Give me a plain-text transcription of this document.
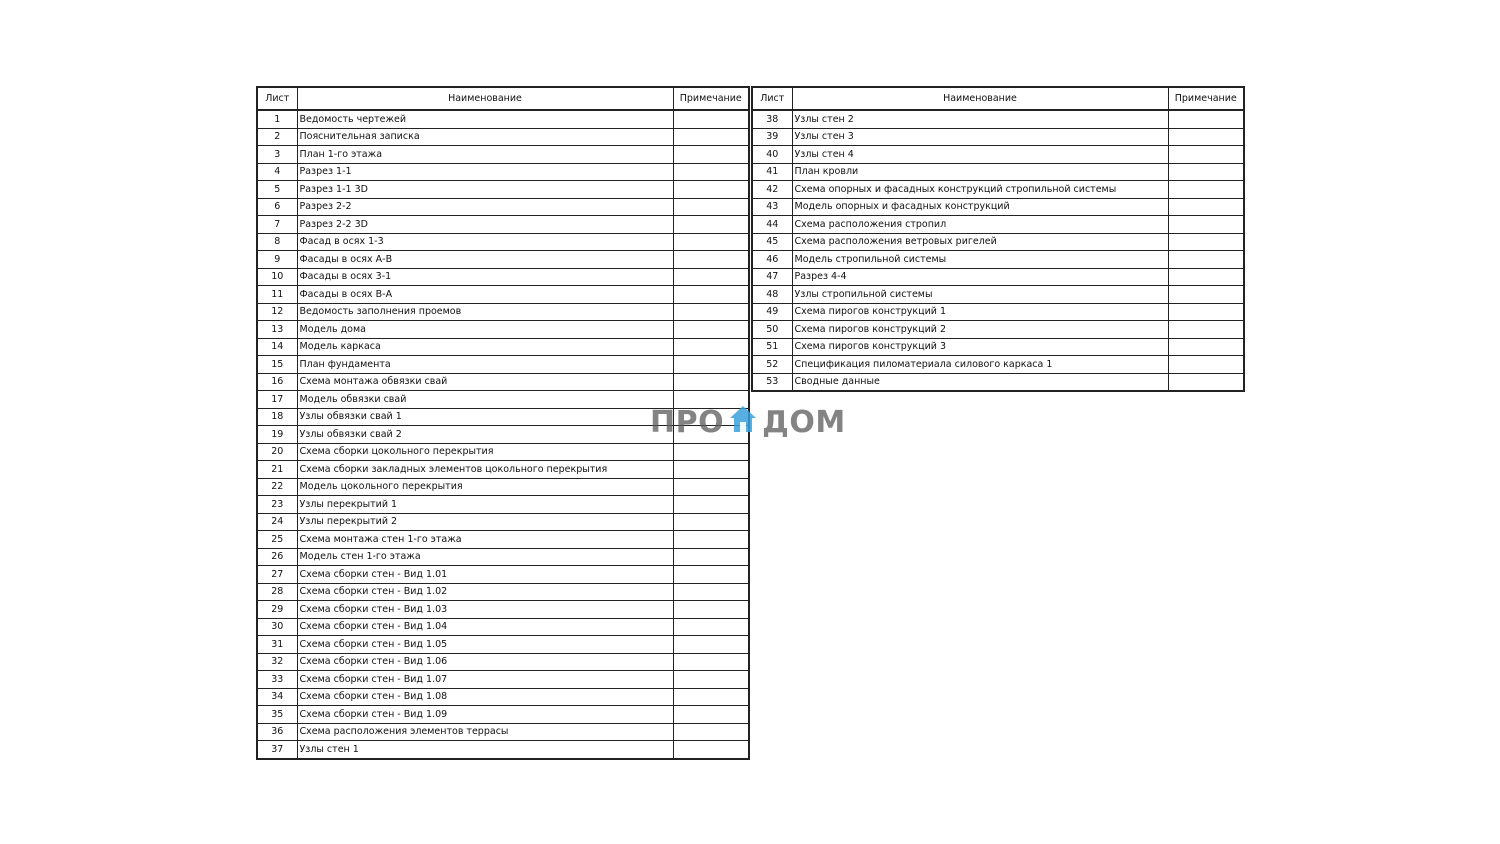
Лист	Наименование	Примечание
1	Ведомость чертежей	
2	Пояснительная записка	
3	План 1-го этажа	
4	Разрез 1-1	
5	Разрез 1-1 3D	
6	Разрез 2-2	
7	Разрез 2-2 3D	
8	Фасад в осях 1-3	
9	Фасады в осях А-В	
10	Фасады в осях 3-1	
11	Фасады в осях В-А	
12	Ведомость заполнения проемов	
13	Модель дома	
14	Модель каркаса	
15	План фундамента	
16	Схема монтажа обвязки свай	
17	Модель обвязки свай	
18	Узлы обвязки свай 1	
19	Узлы обвязки свай 2	
20	Схема сборки цокольного перекрытия	
21	Схема сборки закладных элементов цокольного перекрытия	
22	Модель цокольного перекрытия	
23	Узлы перекрытий 1	
24	Узлы перекрытий 2	
25	Схема монтажа стен 1-го этажа	
26	Модель стен 1-го этажа	
27	Схема сборки стен - Вид 1.01	
28	Схема сборки стен - Вид 1.02	
29	Схема сборки стен - Вид 1.03	
30	Схема сборки стен - Вид 1.04	
31	Схема сборки стен - Вид 1.05	
32	Схема сборки стен - Вид 1.06	
33	Схема сборки стен - Вид 1.07	
34	Схема сборки стен - Вид 1.08	
35	Схема сборки стен - Вид 1.09	
36	Схема расположения элементов террасы	
37	Узлы стен 1	
Лист	Наименование	Примечание
38	Узлы стен 2	
39	Узлы стен 3	
40	Узлы стен 4	
41	План кровли	
42	Схема опорных и фасадных конструкций стропильной системы	
43	Модель опорных и фасадных конструкций	
44	Схема расположения стропил	
45	Схема расположения ветровых ригелей	
46	Модель стропильной системы	
47	Разрез 4-4	
48	Узлы стропильной системы	
49	Схема пирогов конструкций 1	
50	Схема пирогов конструкций 2	
51	Схема пирогов конструкций 3	
52	Спецификация пиломатериала силового каркаса 1	
53	Сводные данные	
ПРО ДОМ
